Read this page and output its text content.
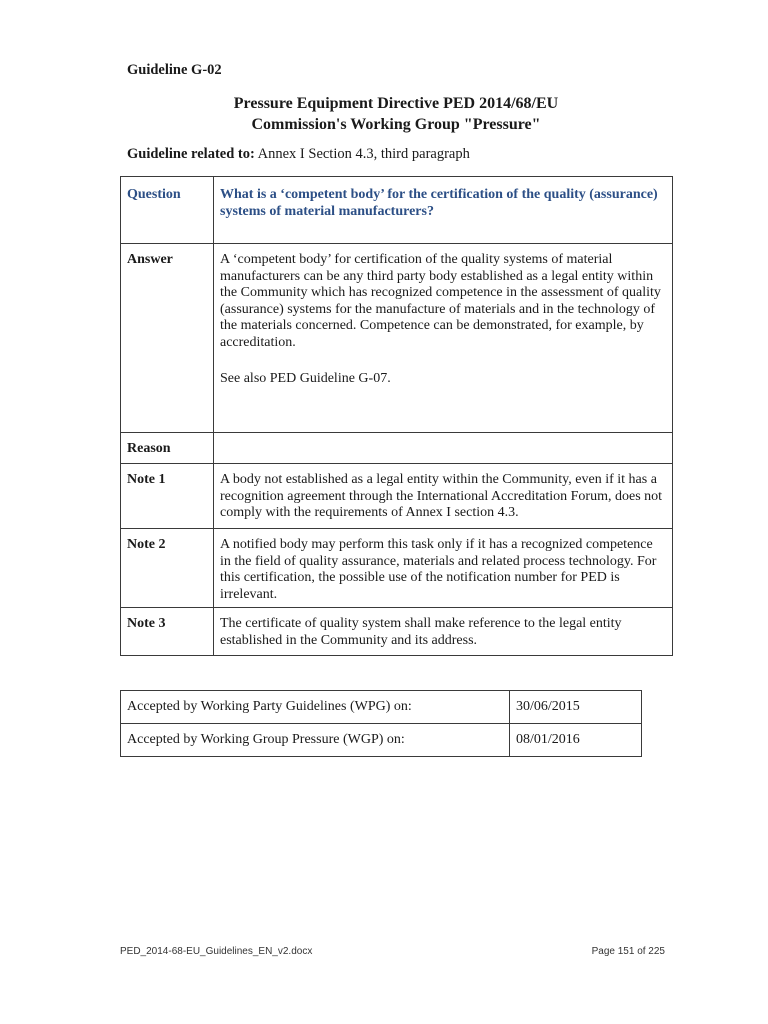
Guideline G-02
Pressure Equipment Directive PED 2014/68/EU
Commission's Working Group "Pressure"
Guideline related to: Annex I Section 4.3, third paragraph
Question	What is a ‘competent body’ for the certification of the quality (assurance) systems of material manufacturers?
Answer	A ‘competent body’ for certification of the quality systems of material manufacturers can be any third party body established as a legal entity within the Community which has recognized competence in the assessment of quality (assurance) systems for the manufacture of materials and in the technology of the materials concerned. Competence can be demonstrated, for example, by accreditation.
See also PED Guideline G-07.

Reason	
Note 1	A body not established as a legal entity within the Community, even if it has a recognition agreement through the International Accreditation Forum, does not comply with the requirements of Annex I section 4.3.
Note 2	A notified body may perform this task only if it has a recognized competence in the field of quality assurance, materials and related process technology. For this certification, the possible use of the notification number for PED is irrelevant.
Note 3	The certificate of quality system shall make reference to the legal entity established in the Community and its address.
Accepted by Working Party Guidelines (WPG) on:	30/06/2015
Accepted by Working Group Pressure (WGP) on:	08/01/2016
PED_2014-68-EU_Guidelines_EN_v2.docx	Page 151 of 225
